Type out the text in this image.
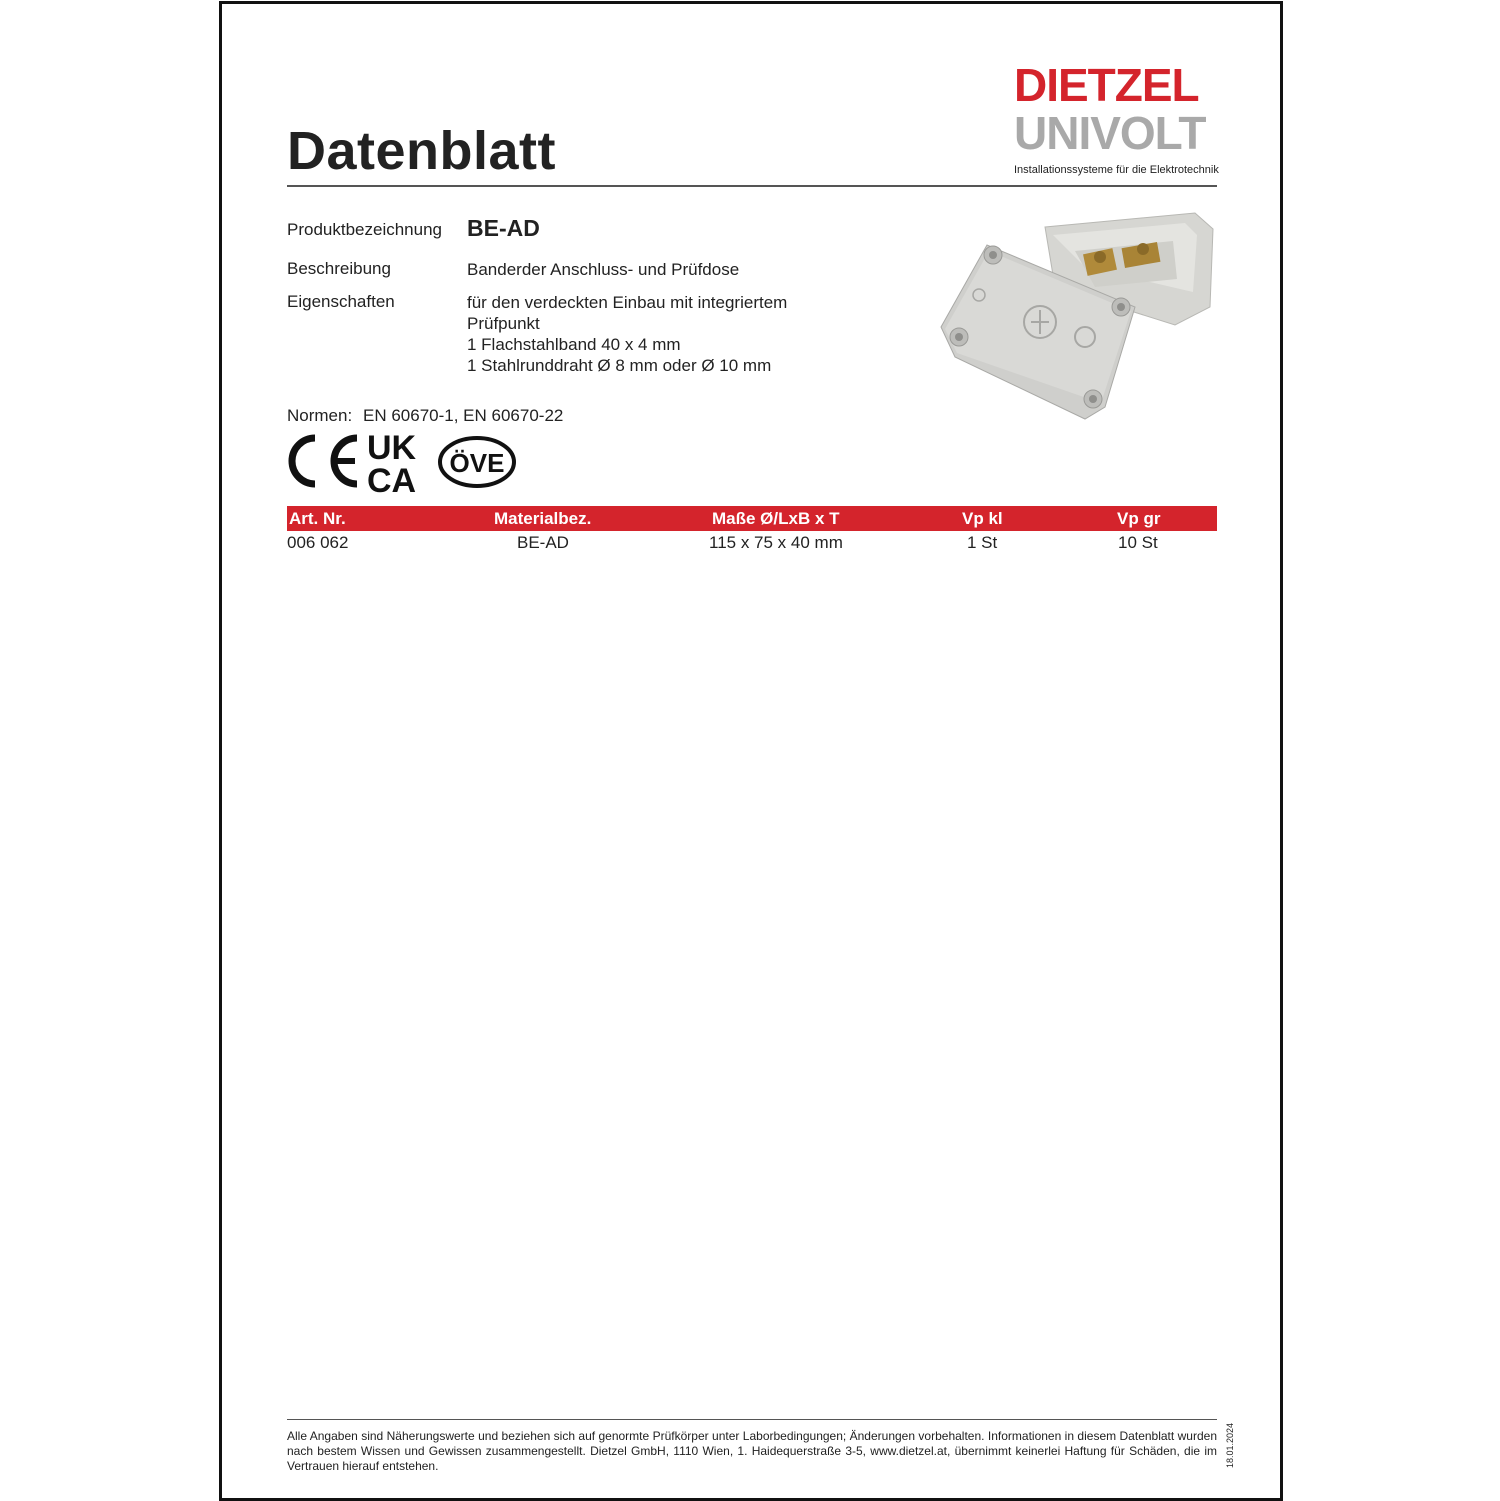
Datenblatt
DIETZEL
UNIVOLT
Installationssysteme für die Elektrotechnik
Produktbezeichnung BE-AD
Beschreibung	Banderder Anschluss- und Prüfdose
Eigenschaften	für den verdeckten Einbau mit integriertem
Prüfpunkt
1 Flachstahlband 40 x 4 mm
1 Stahlrunddraht Ø 8 mm oder Ø 10 mm
Normen: EN 60670-1, EN 60670-22
UK
CA ÖVE
Art. Nr.	Materialbez.	Maße Ø/LxB x T	Vp kl	Vp gr
006 062	BE-AD	115 x 75 x 40 mm	1 St	10 St
Alle Angaben sind Näherungswerte und beziehen sich auf genormte Prüfkörper unter Laborbedingungen; Änderungen vorbehalten. Informationen in diesem Datenblatt wurden nach bestem Wissen und Gewissen zusammengestellt. Dietzel GmbH, 1110 Wien, 1. Haidequerstraße 3-5, www.dietzel.at, übernimmt keinerlei Haftung für Schäden, die im Vertrauen hierauf entstehen.	18.01.2024
